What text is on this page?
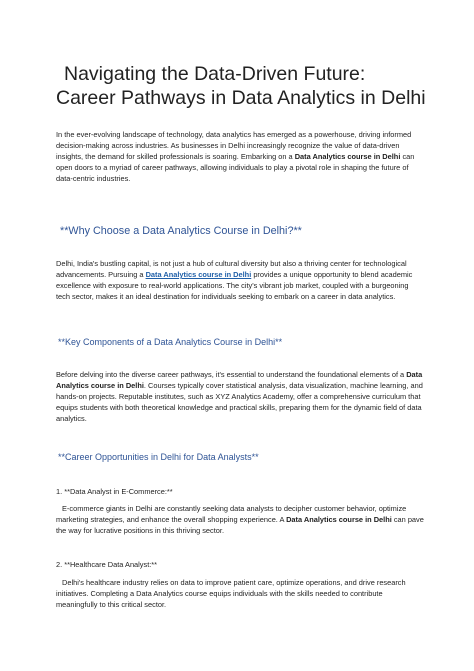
Navigating the Data-Driven Future:
Career Pathways in Data Analytics in Delhi

In the ever-evolving landscape of technology, data analytics has emerged as a powerhouse, driving informed decision-making across industries. As businesses in Delhi increasingly recognize the value of data-driven insights, the demand for skilled professionals is soaring. Embarking on a Data Analytics course in Delhi can open doors to a myriad of career pathways, allowing individuals to play a pivotal role in shaping the future of data-centric industries.

**Why Choose a Data Analytics Course in Delhi?**

Delhi, India's bustling capital, is not just a hub of cultural diversity but also a thriving center for technological advancements. Pursuing a Data Analytics course in Delhi provides a unique opportunity to blend academic excellence with exposure to real-world applications. The city's vibrant job market, coupled with a burgeoning tech sector, makes it an ideal destination for individuals seeking to embark on a career in data analytics.

**Key Components of a Data Analytics Course in Delhi**

Before delving into the diverse career pathways, it's essential to understand the foundational elements of a Data Analytics course in Delhi. Courses typically cover statistical analysis, data visualization, machine learning, and hands-on projects. Reputable institutes, such as XYZ Analytics Academy, offer a comprehensive curriculum that equips students with both theoretical knowledge and practical skills, preparing them for the dynamic field of data analytics.

**Career Opportunities in Delhi for Data Analysts**

1. **Data Analyst in E-Commerce:**

E-commerce giants in Delhi are constantly seeking data analysts to decipher customer behavior, optimize marketing strategies, and enhance the overall shopping experience. A Data Analytics course in Delhi can pave the way for lucrative positions in this thriving sector.

2. **Healthcare Data Analyst:**

Delhi's healthcare industry relies on data to improve patient care, optimize operations, and drive research initiatives. Completing a Data Analytics course equips individuals with the skills needed to contribute meaningfully to this critical sector.
